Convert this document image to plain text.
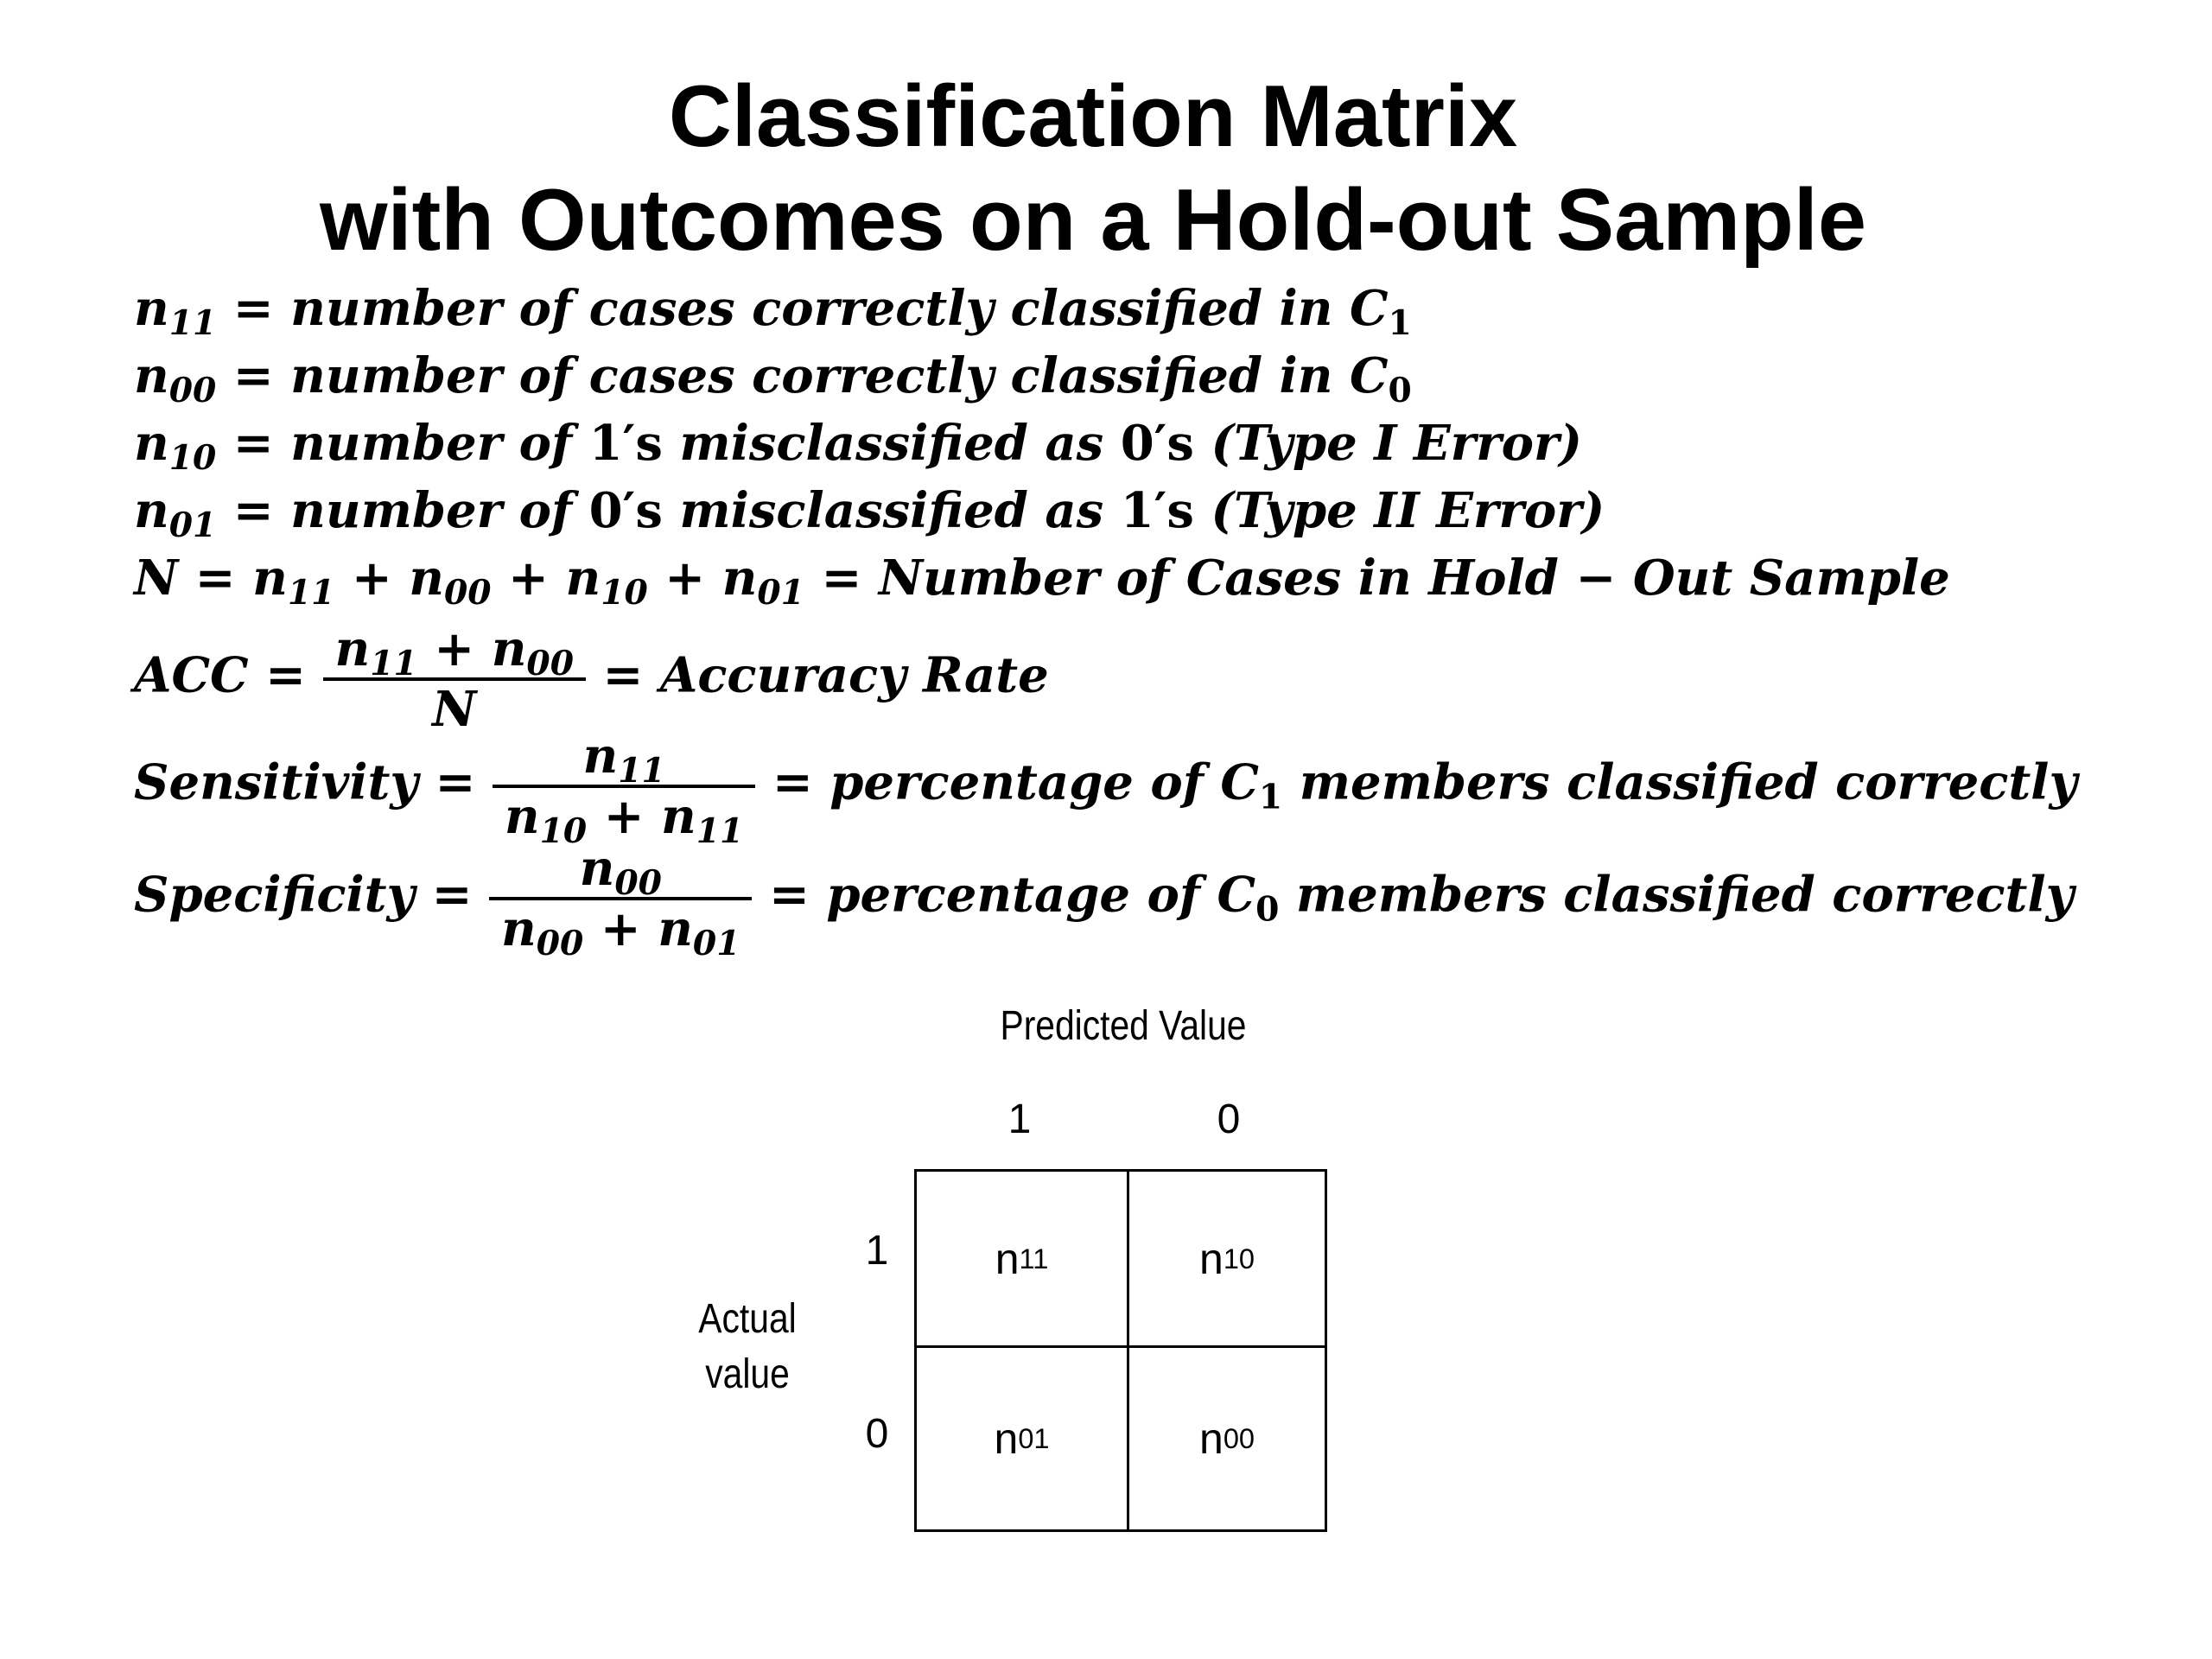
Classification Matrix
with Outcomes on a Hold-out Sample
$n_{11}$ = number of cases correctly classified in $C_1$
$n_{00}$ = number of cases correctly classified in $C_0$
$n_{10}$ = number of 1′s misclassified as 0′s (Type I Error)
$n_{01}$ = number of 0′s misclassified as 1′s (Type II Error)
$N = n_{11} + n_{00} + n_{10} + n_{01}$ = Number of Cases in Hold − Out Sample
ACC = $\frac{n_{11} + n_{00}}{N}$ = Accuracy Rate
Sensitivity = $\frac{n_{11}}{n_{10} + n_{11}}$ = percentage of $C_1$ members classified correctly
Specificity = $\frac{n_{00}}{n_{00} + n_{01}}$ = percentage of $C_0$ members classified correctly
Predicted Value
1	0
1
0
Actual
value
n 11	n 10
n 01	n 00
